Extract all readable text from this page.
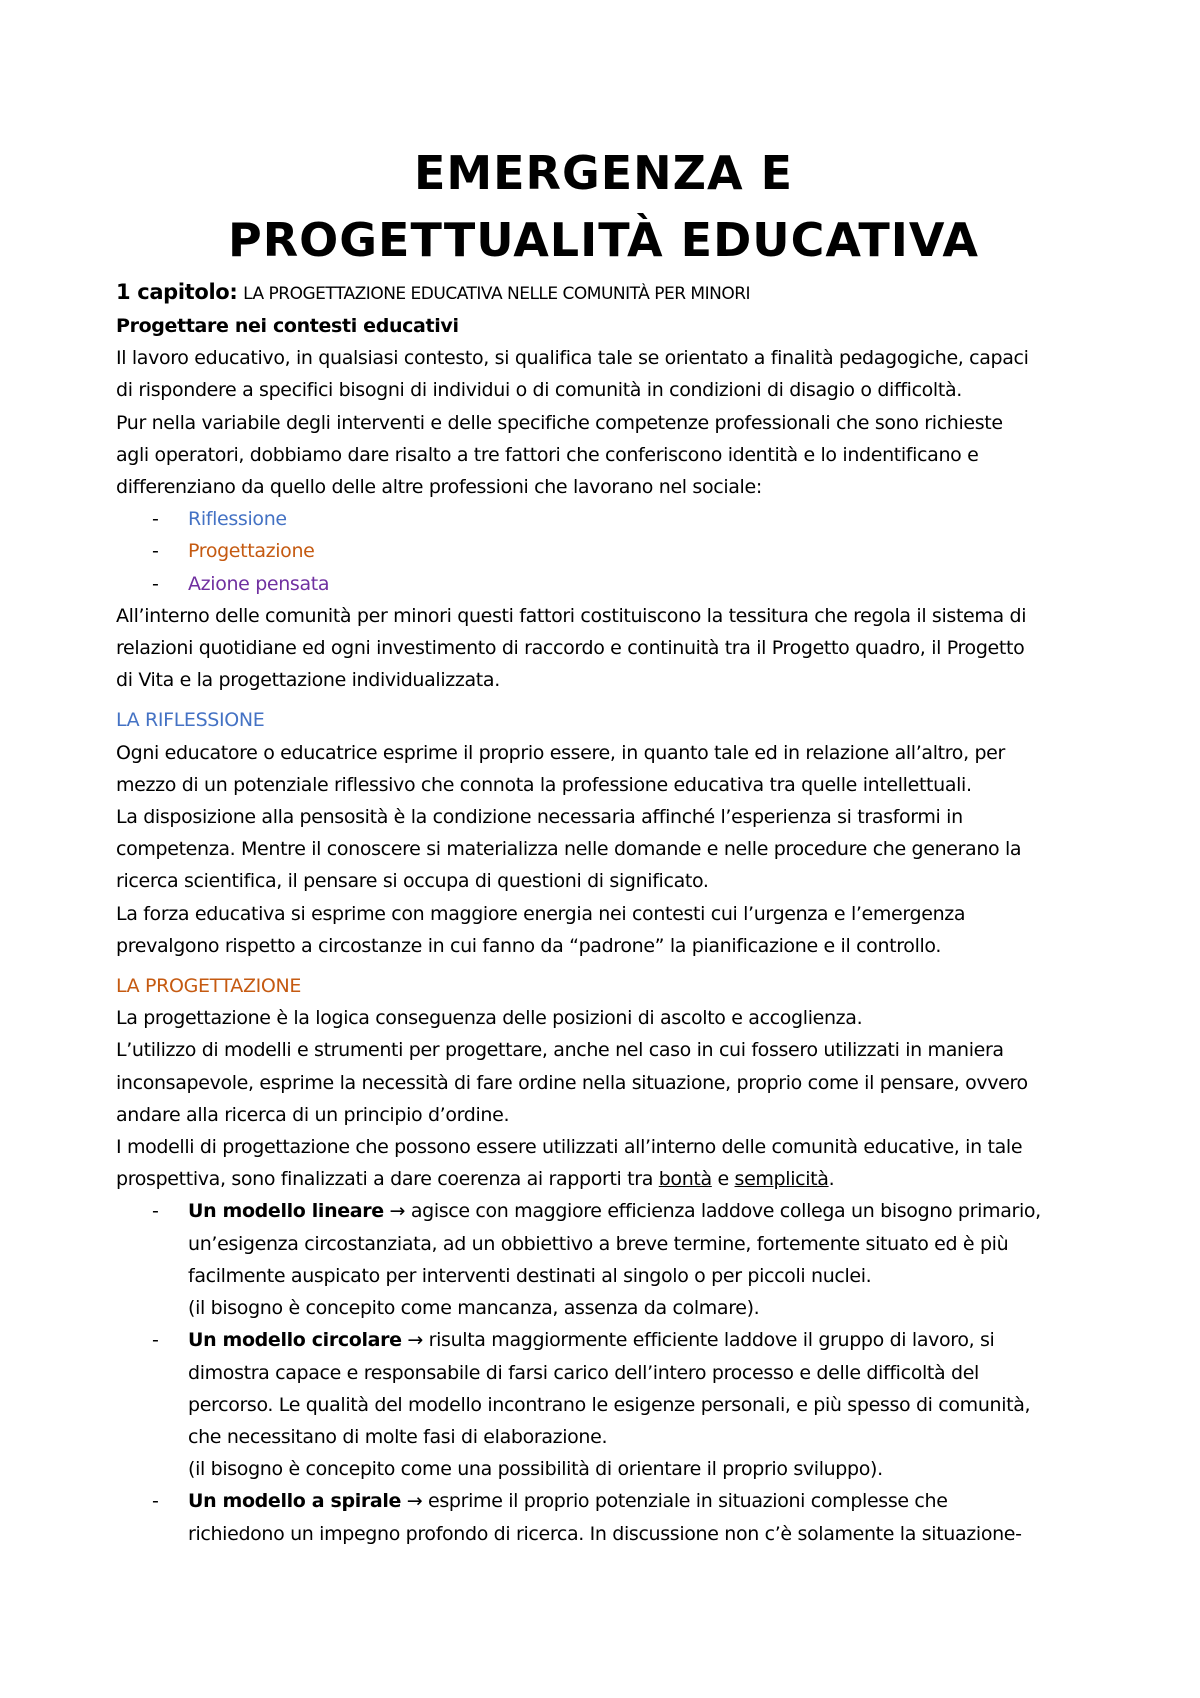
EMERGENZA E
PROGETTUALITÀ EDUCATIVA
1 capitolo: LA PROGETTAZIONE EDUCATIVA NELLE COMUNITÀ PER MINORI
Progettare nei contesti educativi
Il lavoro educativo, in qualsiasi contesto, si qualifica tale se orientato a finalità pedagogiche, capaci
di rispondere a specifici bisogni di individui o di comunità in condizioni di disagio o difficoltà.
Pur nella variabile degli interventi e delle specifiche competenze professionali che sono richieste
agli operatori, dobbiamo dare risalto a tre fattori che conferiscono identità e lo indentificano e
differenziano da quello delle altre professioni che lavorano nel sociale:
-	Riflessione
-	Progettazione
-	Azione pensata
All’interno delle comunità per minori questi fattori costituiscono la tessitura che regola il sistema di
relazioni quotidiane ed ogni investimento di raccordo e continuità tra il Progetto quadro, il Progetto
di Vita e la progettazione individualizzata.
LA RIFLESSIONE
Ogni educatore o educatrice esprime il proprio essere, in quanto tale ed in relazione all’altro, per
mezzo di un potenziale riflessivo che connota la professione educativa tra quelle intellettuali.
La disposizione alla pensosità è la condizione necessaria affinché l’esperienza si trasformi in
competenza. Mentre il conoscere si materializza nelle domande e nelle procedure che generano la
ricerca scientifica, il pensare si occupa di questioni di significato.
La forza educativa si esprime con maggiore energia nei contesti cui l’urgenza e l’emergenza
prevalgono rispetto a circostanze in cui fanno da “padrone” la pianificazione e il controllo.
LA PROGETTAZIONE
La progettazione è la logica conseguenza delle posizioni di ascolto e accoglienza.
L’utilizzo di modelli e strumenti per progettare, anche nel caso in cui fossero utilizzati in maniera
inconsapevole, esprime la necessità di fare ordine nella situazione, proprio come il pensare, ovvero
andare alla ricerca di un principio d’ordine.
I modelli di progettazione che possono essere utilizzati all’interno delle comunità educative, in tale
prospettiva, sono finalizzati a dare coerenza ai rapporti tra bontà e semplicità.
-	Un modello lineare → agisce con maggiore efficienza laddove collega un bisogno primario,
un’esigenza circostanziata, ad un obbiettivo a breve termine, fortemente situato ed è più
facilmente auspicato per interventi destinati al singolo o per piccoli nuclei.
(il bisogno è concepito come mancanza, assenza da colmare).
-	Un modello circolare → risulta maggiormente efficiente laddove il gruppo di lavoro, si
dimostra capace e responsabile di farsi carico dell’intero processo e delle difficoltà del
percorso. Le qualità del modello incontrano le esigenze personali, e più spesso di comunità,
che necessitano di molte fasi di elaborazione.
(il bisogno è concepito come una possibilità di orientare il proprio sviluppo).
-	Un modello a spirale → esprime il proprio potenziale in situazioni complesse che
richiedono un impegno profondo di ricerca. In discussione non c’è solamente la situazione-
